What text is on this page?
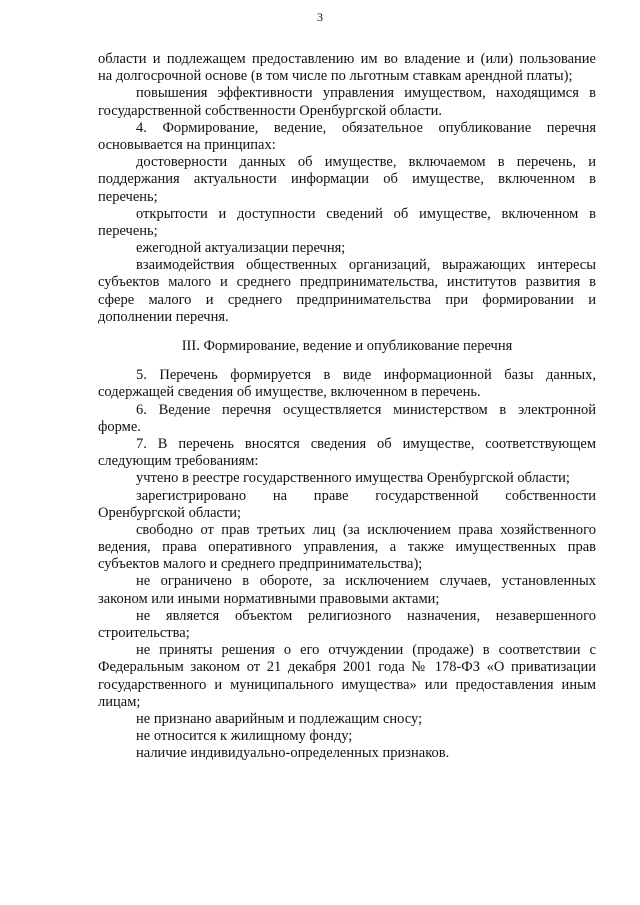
3
области и подлежащем предоставлению им во владение и (или) пользование
на долгосрочной основе (в том числе по льготным ставкам арендной платы);
повышения эффективности управления имуществом, находящимся в
государственной собственности Оренбургской области.
4. Формирование, ведение, обязательное опубликование перечня
основывается на принципах:
достоверности данных об имуществе, включаемом в перечень, и
поддержания актуальности информации об имуществе, включенном в
перечень;
открытости и доступности сведений об имуществе, включенном в
перечень;
ежегодной актуализации перечня;
взаимодействия общественных организаций, выражающих интересы
субъектов малого и среднего предпринимательства, институтов развития в
сфере малого и среднего предпринимательства при формировании и
дополнении перечня.
III. Формирование, ведение и опубликование перечня
5. Перечень формируется в виде информационной базы данных,
содержащей сведения об имуществе, включенном в перечень.
6. Ведение перечня осуществляется министерством в электронной
форме.
7. В перечень вносятся сведения об имуществе, соответствующем
следующим требованиям:
учтено в реестре государственного имущества Оренбургской области;
зарегистрировано на праве государственной собственности
Оренбургской области;
свободно от прав третьих лиц (за исключением права хозяйственного
ведения, права оперативного управления, а также имущественных прав
субъектов малого и среднего предпринимательства);
не ограничено в обороте, за исключением случаев, установленных
законом или иными нормативными правовыми актами;
не является объектом религиозного назначения, незавершенного
строительства;
не приняты решения о его отчуждении (продаже) в соответствии с
Федеральным законом от 21 декабря 2001 года № 178-ФЗ «О приватизации
государственного и муниципального имущества» или предоставления иным
лицам;
не признано аварийным и подлежащим сносу;
не относится к жилищному фонду;
наличие индивидуально-определенных признаков.
